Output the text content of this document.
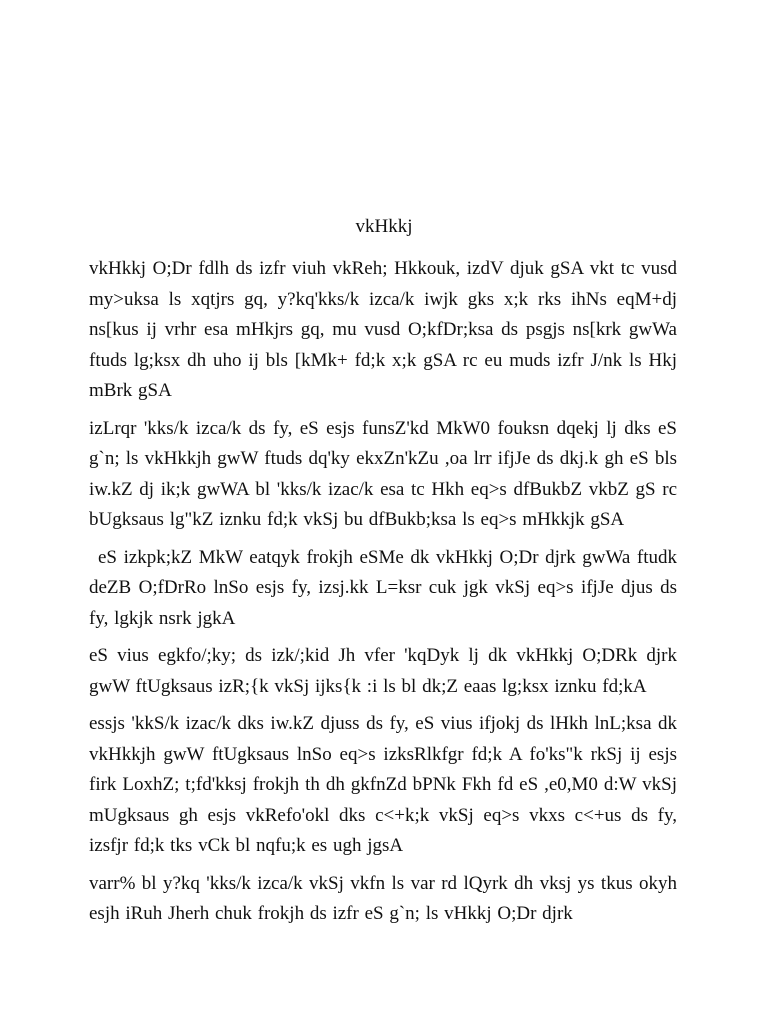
vkHkkj

vkHkkj O;Dr fdlh ds izfr viuh vkReh; Hkkouk, izdV djuk gSA vkt tc vusd my>uksa ls xqtjrs gq, y?kq'kks/k izca/k iwjk gks x;k rks ihNs eqM+dj ns[kus ij vrhr esa mHkjrs gq, mu vusd O;kfDr;ksa ds psgjs ns[krk gwWa ftuds lg;ksx dh uho ij bls [kMk+ fd;k x;k gSA rc eu muds izfr J/nk ls Hkj mBrk gSA

izLrqr 'kks/k izca/k ds fy, eS esjs funsZ'kd MkW0 fouksn dqekj lj dks eS g`n; ls vkHkkjh gwW ftuds dq'ky ekxZn'kZu ,oa lrr ifjJe ds dkj.k gh eS bls iw.kZ dj ik;k gwWA bl 'kks/k izac/k esa tc Hkh eq>s dfBukbZ vkbZ gS rc bUgksaus lg"kZ iznku fd;k vkSj bu dfBukb;ksa ls eq>s mHkkjk gSA

eS izkpk;kZ MkW eatqyk frokjh eSMe dk vkHkkj O;Dr djrk gwWa ftudk deZB O;fDrRo lnSo esjs fy, izsj.kk L=ksr cuk jgk vkSj eq>s ifjJe djus ds fy, lgkjk nsrk jgkA

eS vius egkfo/;ky; ds izk/;kid Jh vfer 'kqDyk lj dk vkHkkj O;DRk djrk gwW ftUgksaus izR;{k vkSj ijks{k :i ls bl dk;Z eaas lg;ksx iznku fd;kA

essjs 'kkS/k izac/k dks iw.kZ djuss ds fy, eS vius ifjokj ds lHkh lnL;ksa dk vkHkkjh gwW ftUgksaus lnSo eq>s izksRlkfgr fd;k A fo'ks"k rkSj ij esjs firk LoxhZ; t;fd'kksj frokjh th dh gkfnZd bPNk Fkh fd eS ,e0,M0 d:W vkSj mUgksaus gh esjs vkRefo'okl dks c<+k;k vkSj eq>s vkxs c<+us ds fy, izsfjr fd;k tks vCk bl nqfu;k es ugh jgsA

varr% bl y?kq 'kks/k izca/k vkSj vkfn ls var rd lQyrk dh vksj ys tkus okyh esjh iRuh Jherh chuk frokjh ds izfr eS g`n; ls vHkkj O;Dr djrk
